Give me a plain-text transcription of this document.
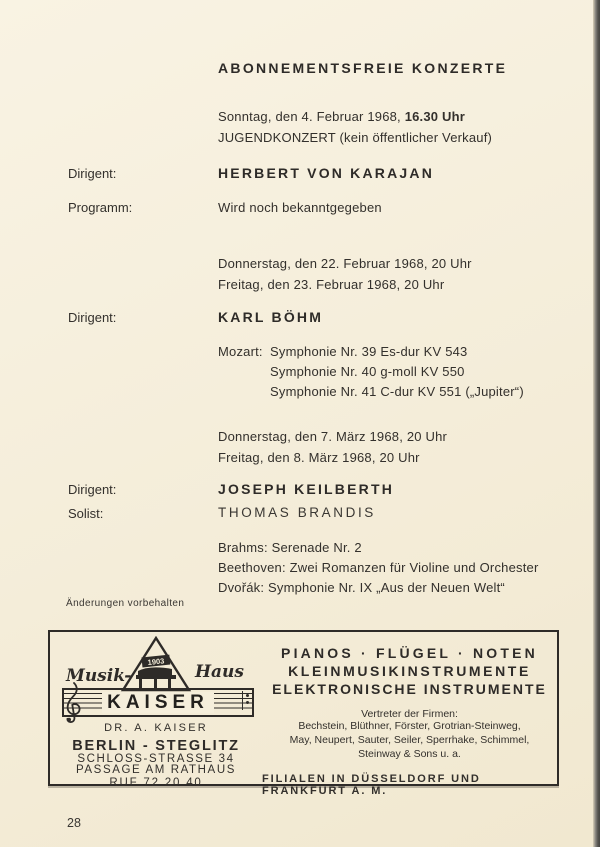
ABONNEMENTSFREIE KONZERTE
Sonntag, den 4. Februar 1968, 16.30 Uhr
JUGENDKONZERT (kein öffentlicher Verkauf)
Dirigent:	HERBERT VON KARAJAN
Programm:	Wird noch bekanntgegeben
Donnerstag, den 22. Februar 1968, 20 Uhr
Freitag, den 23. Februar 1968, 20 Uhr
Dirigent:	KARL BÖHM
Mozart: Symphonie Nr. 39 Es-dur KV 543
Symphonie Nr. 40 g-moll KV 550
Symphonie Nr. 41 C-dur KV 551 („Jupiter“)
Donnerstag, den 7. März 1968, 20 Uhr
Freitag, den 8. März 1968, 20 Uhr
Dirigent:	JOSEPH KEILBERTH
Solist:	THOMAS BRANDIS
Brahms: Serenade Nr. 2
Beethoven: Zwei Romanzen für Violine und Orchester
Dvořák: Symphonie Nr. IX „Aus der Neuen Welt“
Änderungen vorbehalten
Musik-
1903
Haus
KAISER
DR. A. KAISER
BERLIN - STEGLITZ
SCHLOSS-STRASSE 34
PASSAGE AM RATHAUS
RUF 72 20 40
PIANOS · FLÜGEL · NOTEN
KLEINMUSIKINSTRUMENTE
ELEKTRONISCHE INSTRUMENTE
Vertreter der Firmen:
Bechstein, Blüthner, Förster, Grotrian-Steinweg,
May, Neupert, Sauter, Seiler, Sperrhake, Schimmel,
Steinway & Sons u. a.
FILIALEN IN DÜSSELDORF UND FRANKFURT A. M.
28
